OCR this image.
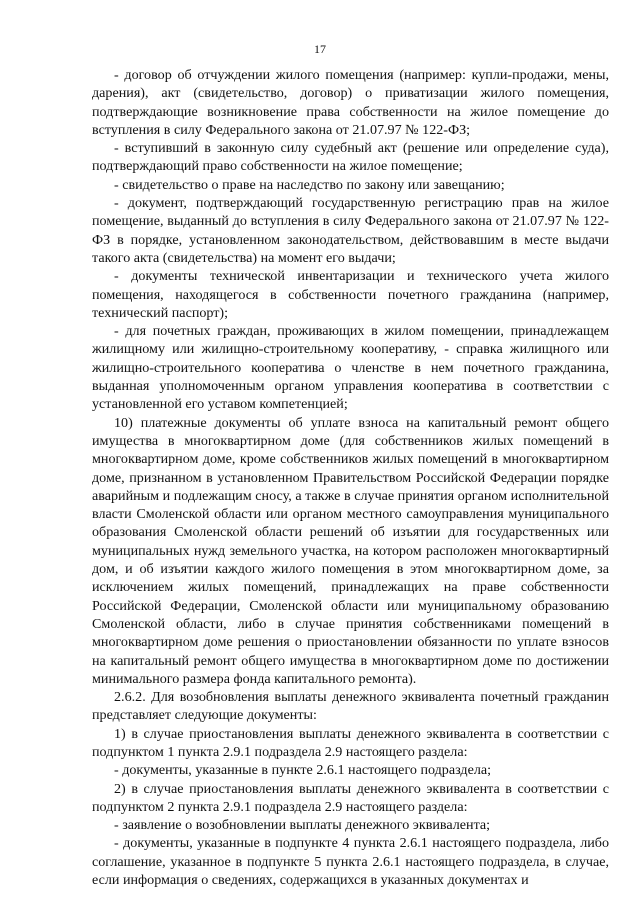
17

- договор об отчуждении жилого помещения (например: купли-продажи, мены, дарения), акт (свидетельство, договор) о приватизации жилого помещения, подтверждающие возникновение права собственности на жилое помещение до вступления в силу Федерального закона от 21.07.97 № 122-ФЗ;

- вступивший в законную силу судебный акт (решение или определение суда), подтверждающий право собственности на жилое помещение;

- свидетельство о праве на наследство по закону или завещанию;

- документ, подтверждающий государственную регистрацию прав на жилое помещение, выданный до вступления в силу Федерального закона от 21.07.97 № 122-ФЗ в порядке, установленном законодательством, действовавшим в месте выдачи такого акта (свидетельства) на момент его выдачи;

- документы технической инвентаризации и технического учета жилого помещения, находящегося в собственности почетного гражданина (например, технический паспорт);

- для почетных граждан, проживающих в жилом помещении, принадлежащем жилищному или жилищно-строительному кооперативу, - справка жилищного или жилищно-строительного кооператива о членстве в нем почетного гражданина, выданная уполномоченным органом управления кооператива в соответствии с установленной его уставом компетенцией;

10) платежные документы об уплате взноса на капитальный ремонт общего имущества в многоквартирном доме (для собственников жилых помещений в многоквартирном доме, кроме собственников жилых помещений в многоквартирном доме, признанном в установленном Правительством Российской Федерации порядке аварийным и подлежащим сносу, а также в случае принятия органом исполнительной власти Смоленской области или органом местного самоуправления муниципального образования Смоленской области решений об изъятии для государственных или муниципальных нужд земельного участка, на котором расположен многоквартирный дом, и об изъятии каждого жилого помещения в этом многоквартирном доме, за исключением жилых помещений, принадлежащих на праве собственности Российской Федерации, Смоленской области или муниципальному образованию Смоленской области, либо в случае принятия собственниками помещений в многоквартирном доме решения о приостановлении обязанности по уплате взносов на капитальный ремонт общего имущества в многоквартирном доме по достижении минимального размера фонда капитального ремонта).

2.6.2. Для возобновления выплаты денежного эквивалента почетный гражданин представляет следующие документы:

1) в случае приостановления выплаты денежного эквивалента в соответствии с подпунктом 1 пункта 2.9.1 подраздела 2.9 настоящего раздела:

- документы, указанные в пункте 2.6.1 настоящего подраздела;

2) в случае приостановления выплаты денежного эквивалента в соответствии с подпунктом 2 пункта 2.9.1 подраздела 2.9 настоящего раздела:

- заявление о возобновлении выплаты денежного эквивалента;

- документы, указанные в подпункте 4 пункта 2.6.1 настоящего подраздела, либо соглашение, указанное в подпункте 5 пункта 2.6.1 настоящего подраздела, в случае, если информация о сведениях, содержащихся в указанных документах и
